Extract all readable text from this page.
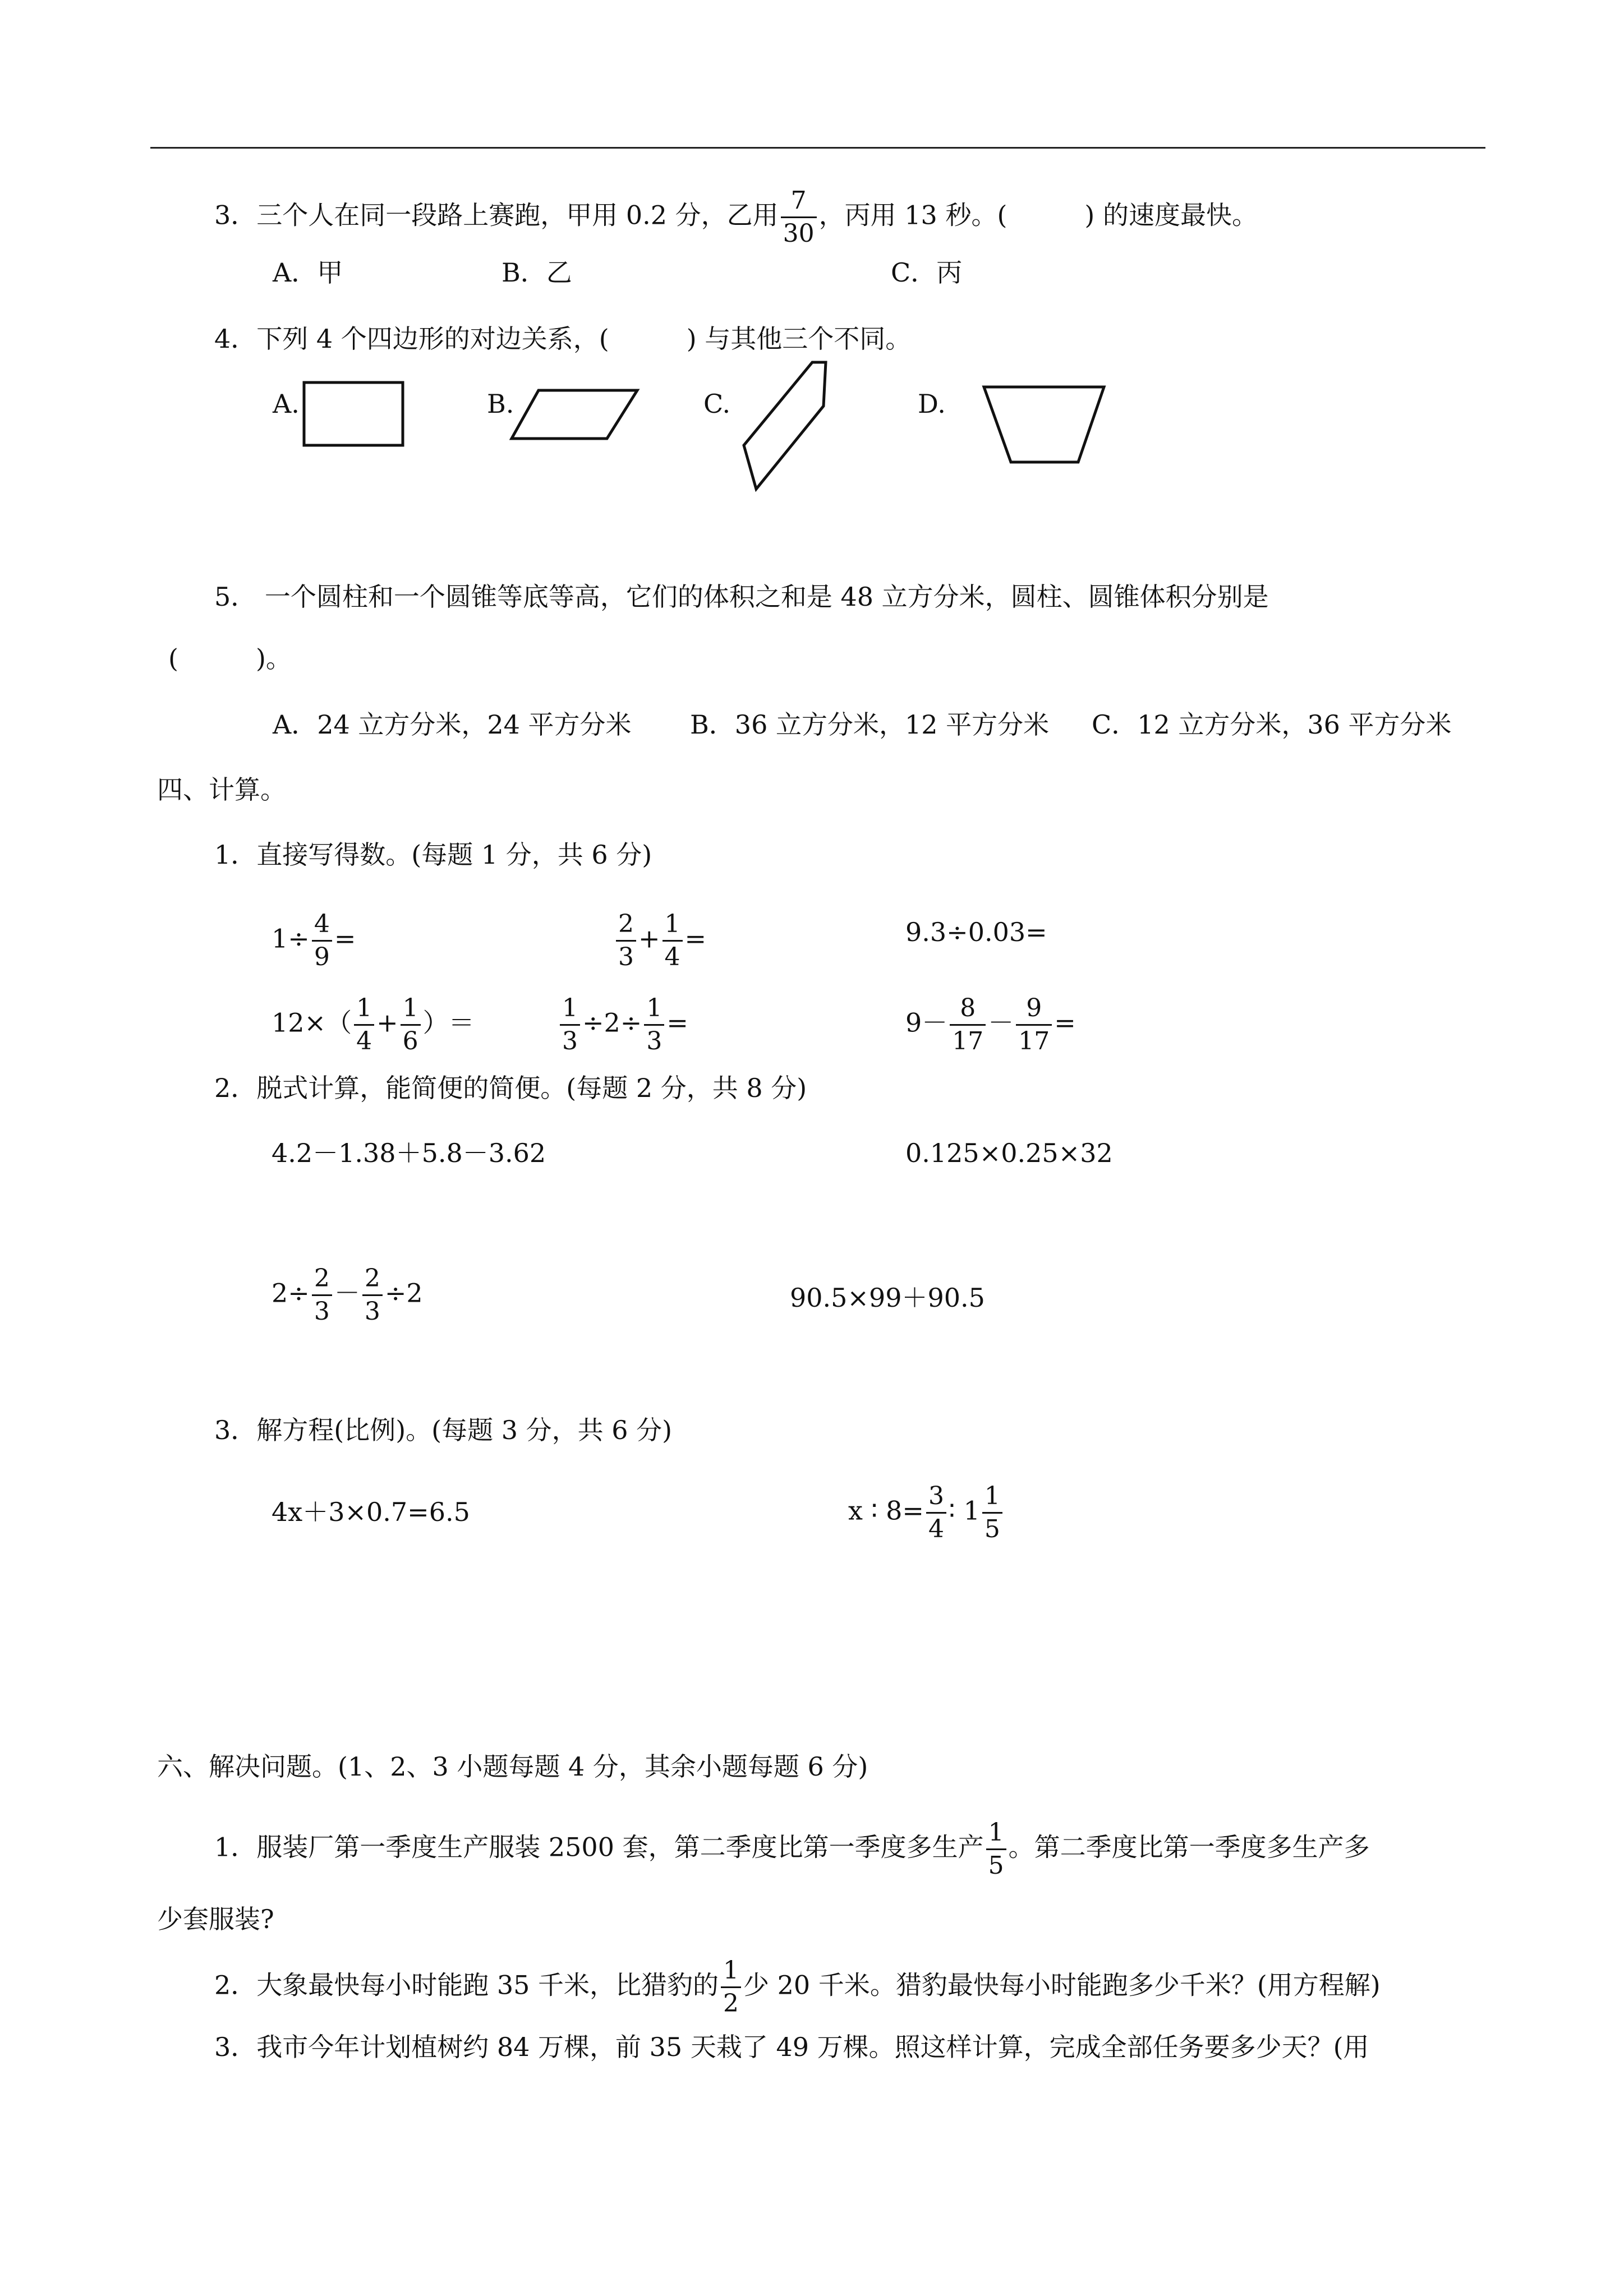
3．三个人在同一段路上赛跑，甲用 0.2 分，乙用 $\frac{7}{30}$ ，丙用 13 秒。(　　　) 的速度最快。
A．甲	B．乙	C．丙
4．下列 4 个四边形的对边关系，(　　　) 与其他三个不同。
A.	B.	C.	D.
5． 一个圆柱和一个圆锥等底等高，它们的体积之和是 48 立方分米，圆柱、圆锥体积分别是
(　　　)。
A．24 立方分米，24 平方分米 B．36 立方分米，12 平方分米 C．12 立方分米，36 平方分米
四、计算。
1．直接写得数。(每题 1 分，共 6 分)
$1\div \frac{4}{9}$ =	$\frac{2}{3} + \frac{1}{4}$ =	9.3÷0.03=
$12\times( \frac{1}{4} + \frac{1}{6}$ ）＝	$\frac{1}{3} \div 2\div \frac{1}{3}$ =	$9- \frac{8}{17} - \frac{9}{17}$ =
2．脱式计算，能简便的简便。(每题 2 分，共 8 分)
4.2－1.38＋5.8－3.62	0.125×0.25×32
$2\div \frac{2}{3} - \frac{2}{3} \div 2$	90.5×99＋90.5
3．解方程(比例)。(每题 3 分，共 6 分)
4x＋3×0.7=6.5	x ∶ $8= \frac{3}{4}$ ∶ $1 \frac{1}{5}$
六、解决问题。(1、2、3 小题每题 4 分，其余小题每题 6 分)
1．服装厂第一季度生产服装 2500 套，第二季度比第一季度多生产 $\frac{1}{5}$ 。第二季度比第一季度多生产多
少套服装?
2．大象最快每小时能跑 35 千米，比猎豹的 $\frac{1}{2}$ 少 20 千米。猎豹最快每小时能跑多少千米？(用方程解)
3．我市今年计划植树约 84 万棵，前 35 天栽了 49 万棵。照这样计算，完成全部任务要多少天？(用
